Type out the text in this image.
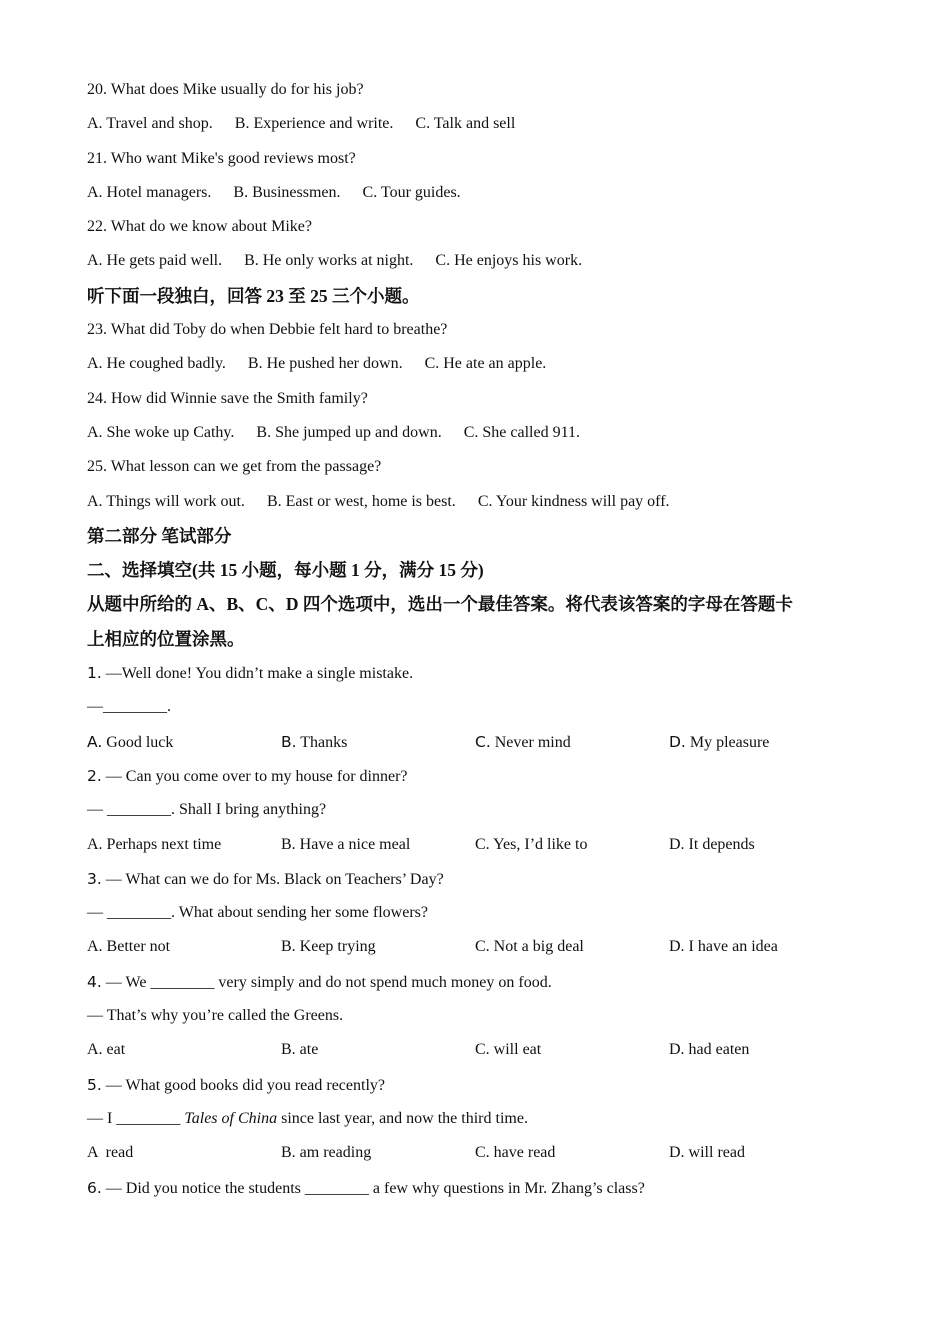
20. What does Mike usually do for his job?
A. Travel and shop. B. Experience and write. C. Talk and sell
21. Who want Mike's good reviews most?
A. Hotel managers. B. Businessmen. C. Tour guides.
22. What do we know about Mike?
A. He gets paid well. B. He only works at night. C. He enjoys his work.
听下面一段独白，回答 23 至 25 三个小题。
23. What did Toby do when Debbie felt hard to breathe?
A. He coughed badly. B. He pushed her down. C. He ate an apple.
24. How did Winnie save the Smith family?
A. She woke up Cathy. B. She jumped up and down. C. She called 911.
25. What lesson can we get from the passage?
A. Things will work out. B. East or west, home is best. C. Your kindness will pay off.
第二部分 笔试部分
二、选择填空(共 15 小题，每小题 1 分，满分 15 分)
从题中所给的 A、B、C、D 四个选项中，选出一个最佳答案。将代表该答案的字母在答题卡
上相应的位置涂黑。
1. —Well done! You didn’t make a single mistake.
—________.
A. Good luck	B. Thanks	C. Never mind	D. My pleasure
2. — Can you come over to my house for dinner?
— ________. Shall I bring anything?
A. Perhaps next time	B. Have a nice meal	C. Yes, I’d like to	D. It depends
3. — What can we do for Ms. Black on Teachers’ Day?
— ________. What about sending her some flowers?
A. Better not	B. Keep trying	C. Not a big deal	D. I have an idea
4. — We ________ very simply and do not spend much money on food.
— That’s why you’re called the Greens.
A. eat	B. ate	C. will eat	D. had eaten
5. — What good books did you read recently?
— I ________ Tales of China since last year, and now the third time.
A  read	B. am reading	C. have read	D. will read
6. — Did you notice the students ________ a few why questions in Mr. Zhang’s class?
